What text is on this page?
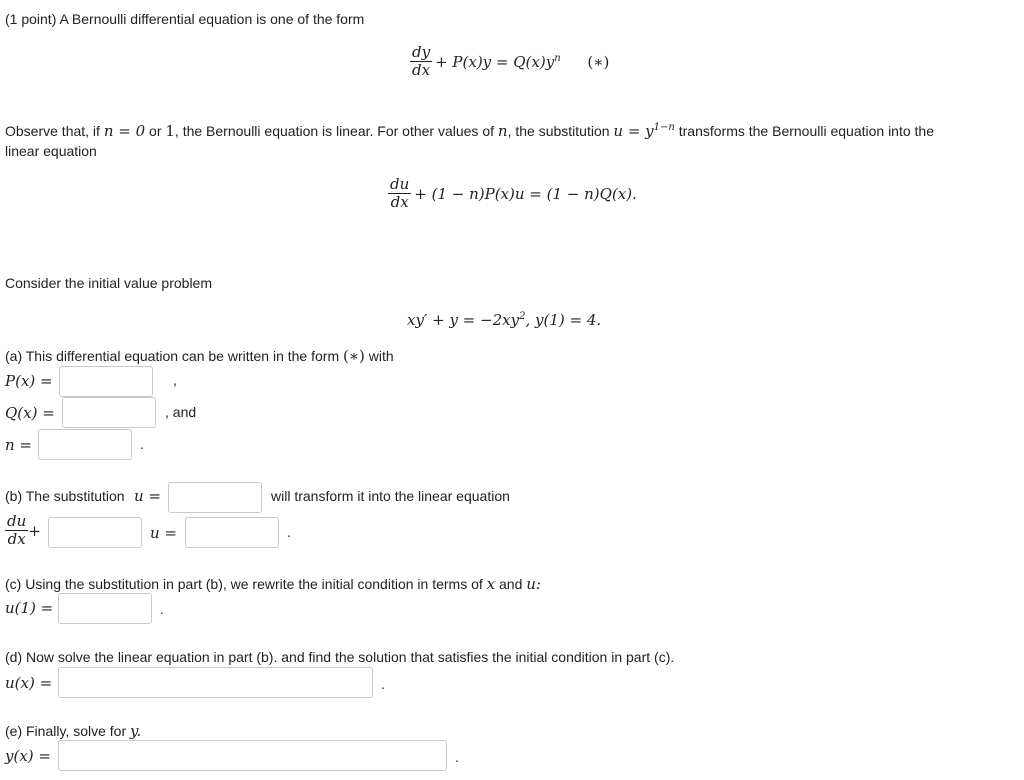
(1 point) A Bernoulli differential equation is one of the form
$\frac{dy}{dx} + P(x)y = Q(x)y^n$ (∗)
Observe that, if n = 0 or 1, the Bernoulli equation is linear. For other values of n, the substitution $u = y^{1-n}$ transforms the Bernoulli equation into the
linear equation
$\frac{du}{dx} + (1 - n)P(x)u = (1 - n)Q(x)$.
Consider the initial value problem
$xy' + y = -2xy^2$, y(1) = 4.
(a) This differential equation can be written in the form (∗) with
P(x) =	,
Q(x) =	, and
n =	.
(b) The substitution u =	will transform it into the linear equation
$\frac{du}{dx}$ +	u =	.
(c) Using the substitution in part (b), we rewrite the initial condition in terms of x and u:
u(1) =	.
(d) Now solve the linear equation in part (b). and find the solution that satisfies the initial condition in part (c).
u(x) =	.
(e) Finally, solve for y.
y(x) =	.
